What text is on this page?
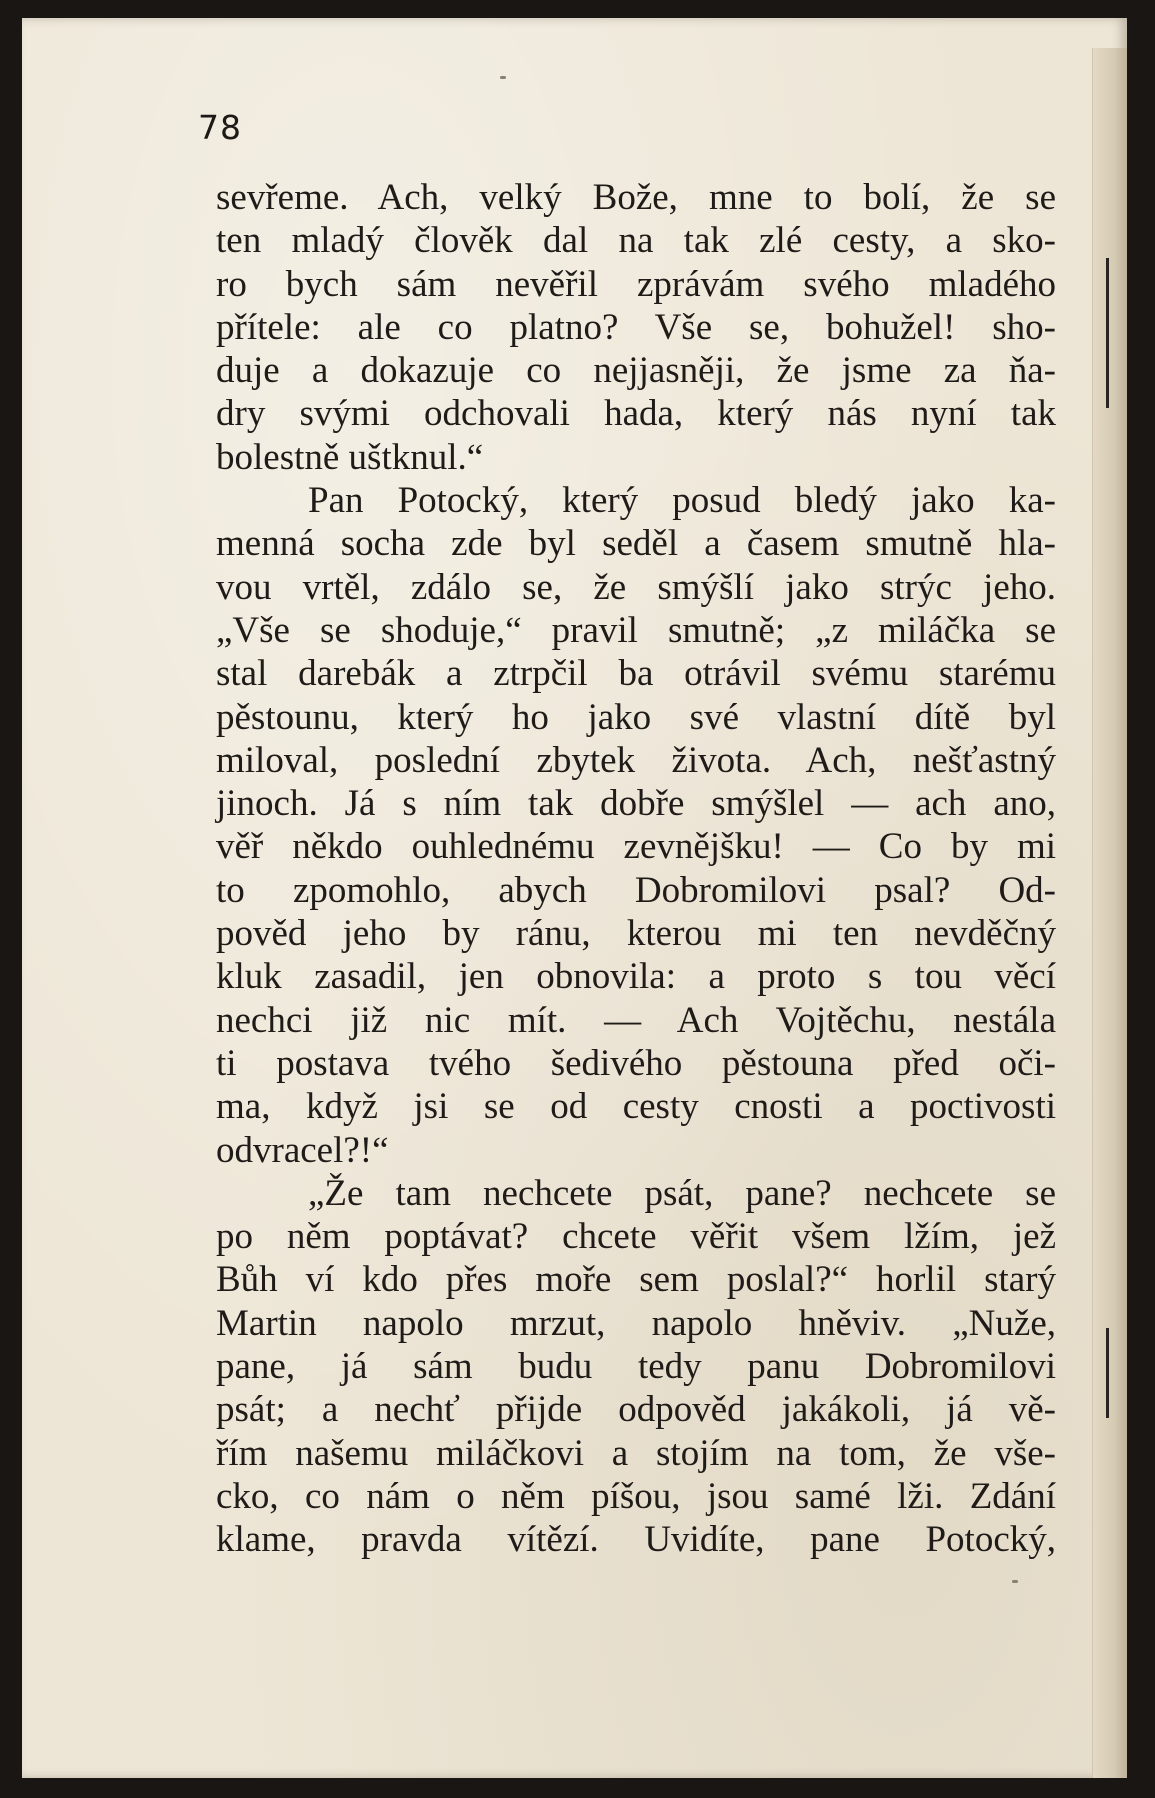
78
sevřeme. Ach, velký Bože, mne to bolí, že se
ten mladý člověk dal na tak zlé cesty, a sko-
ro bych sám nevěřil zprávám svého mladého
přítele: ale co platno? Vše se, bohužel! sho-
duje a dokazuje co nejjasněji, že jsme za ňa-
dry svými odchovali hada, který nás nyní tak
bolestně uštknul.“
Pan Potocký, který posud bledý jako ka-
menná socha zde byl seděl a časem smutně hla-
vou vrtěl, zdálo se, že smýšlí jako strýc jeho.
„Vše se shoduje,“ pravil smutně; „z miláčka se
stal darebák a ztrpčil ba otrávil svému starému
pěstounu, který ho jako své vlastní dítě byl
miloval, poslední zbytek života. Ach, nešťastný
jinoch. Já s ním tak dobře smýšlel — ach ano,
věř někdo ouhlednému zevnějšku! — Co by mi
to zpomohlo, abych Dobromilovi psal? Od-
pověd jeho by ránu, kterou mi ten nevděčný
kluk zasadil, jen obnovila: a proto s tou věcí
nechci již nic mít. — Ach Vojtěchu, nestála
ti postava tvého šedivého pěstouna před oči-
ma, když jsi se od cesty cnosti a poctivosti
odvracel?!“
„Že tam nechcete psát, pane? nechcete se
po něm poptávat? chcete věřit všem lžím, jež
Bůh ví kdo přes moře sem poslal?“ horlil starý
Martin napolo mrzut, napolo hněviv. „Nuže,
pane, já sám budu tedy panu Dobromilovi
psát; a nechť přijde odpověd jakákoli, já vě-
řím našemu miláčkovi a stojím na tom, že vše-
cko, co nám o něm píšou, jsou samé lži. Zdání
klame, pravda vítězí. Uvidíte, pane Potocký,
